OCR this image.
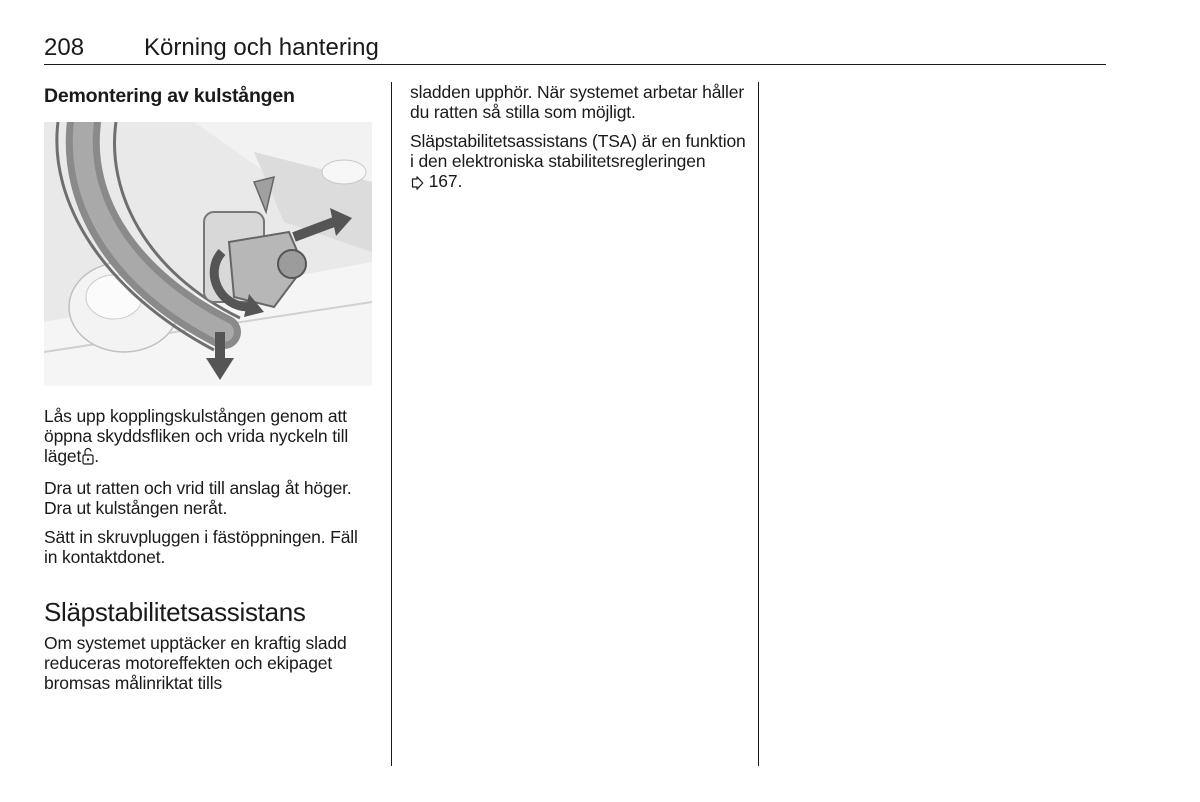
208 Körning och hantering
Demontering av kulstången

Lås upp kopplingskulstången genom att öppna skyddsfliken och vrida nyckeln till läget .

Dra ut ratten och vrid till anslag åt höger. Dra ut kulstången neråt.

Sätt in skruvpluggen i fästöppningen. Fäll in kontaktdonet.

Släpstabilitetsassistans

Om systemet upptäcker en kraftig sladd reduceras motoreffekten och ekipaget bromsas målinriktat tills

sladden upphör. När systemet arbetar håller du ratten så stilla som möjligt.

Släpstabilitetsassistans (TSA) är en funktion i den elektroniska stabilitetsregleringen  167.
